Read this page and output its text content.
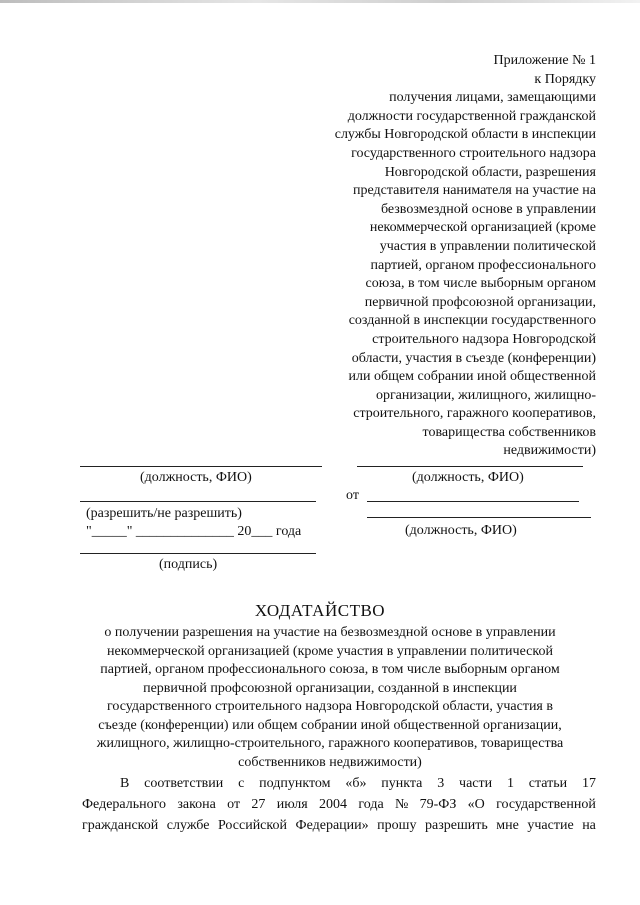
Приложение № 1
к Порядку
получения лицами, замещающими
должности государственной гражданской
службы Новгородской области в инспекции
государственного строительного надзора
Новгородской области, разрешения
представителя нанимателя на участие на
безвозмездной основе в управлении
некоммерческой организацией (кроме
участия в управлении политической
партией, органом профессионального
союза, в том числе выборным органом
первичной профсоюзной организации,
созданной в инспекции государственного
строительного надзора Новгородской
области, участия в съезде (конференции)
или общем собрании иной общественной
организации, жилищного, жилищно-
строительного, гаражного кооперативов,
товарищества собственников
недвижимости)
(должность, ФИО)
(разрешить/не разрешить)
"_____" ______________ 20___ года
(подпись)
(должность, ФИО)
от
(должность, ФИО)
ХОДАТАЙСТВО
о получении разрешения на участие на безвозмездной основе в управлении
некоммерческой организацией (кроме участия в управлении политической
партией, органом профессионального союза, в том числе выборным органом
первичной профсоюзной организации, созданной в инспекции
государственного строительного надзора Новгородской области, участия в
съезде (конференции) или общем собрании иной общественной организации,
жилищного, жилищно-строительного, гаражного кооперативов, товарищества
собственников недвижимости)
В соответствии с подпунктом «б» пункта 3 части 1 статьи 17
Федерального закона от 27 июля 2004 года № 79-ФЗ «О государственной
гражданской службе Российской Федерации» прошу разрешить мне участие на
